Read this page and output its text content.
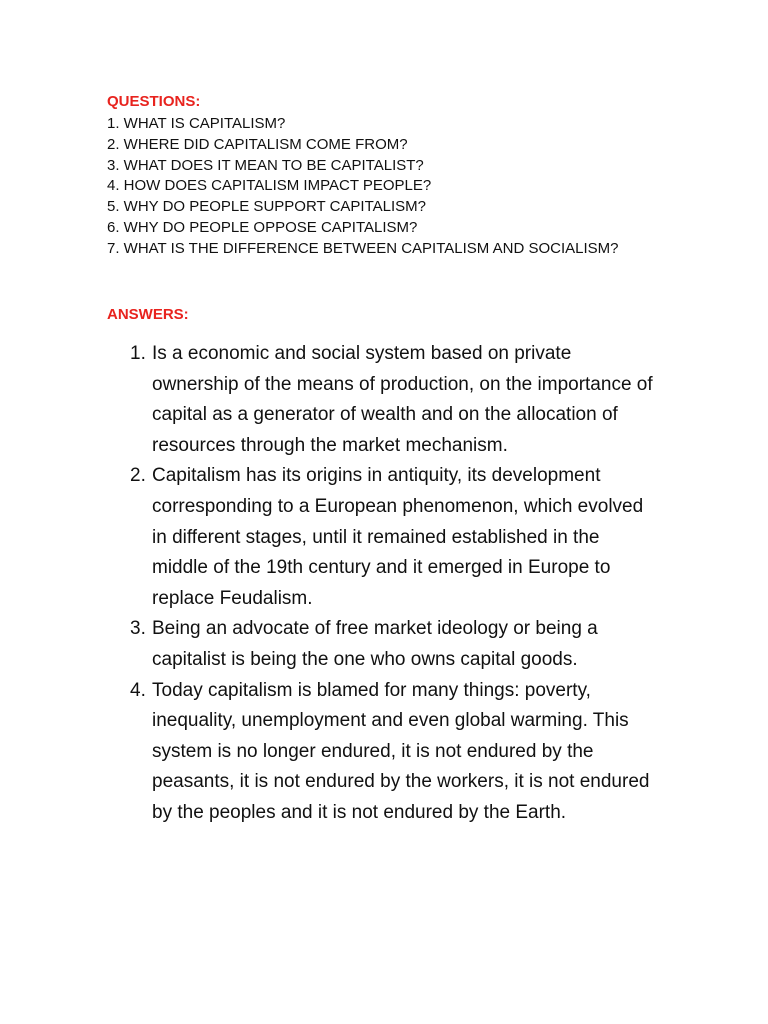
QUESTIONS:
1. WHAT IS CAPITALISM?
2. WHERE DID CAPITALISM COME FROM?
3. WHAT DOES IT MEAN TO BE CAPITALIST?
4. HOW DOES CAPITALISM IMPACT PEOPLE?
5. WHY DO PEOPLE SUPPORT CAPITALISM?
6. WHY DO PEOPLE OPPOSE CAPITALISM?
7. WHAT IS THE DIFFERENCE BETWEEN CAPITALISM AND SOCIALISM?
ANSWERS:
1. Is a economic and social system based on private ownership of the means of production, on the importance of capital as a generator of wealth and on the allocation of resources through the market mechanism.
2. Capitalism has its origins in antiquity, its development corresponding to a European phenomenon, which evolved in different stages, until it remained established in the middle of the 19th century and it emerged in Europe to replace Feudalism.
3. Being an advocate of free market ideology or being a capitalist is being the one who owns capital goods.
4. Today capitalism is blamed for many things: poverty, inequality, unemployment and even global warming. This system is no longer endured, it is not endured by the peasants, it is not endured by the workers, it is not endured by the peoples and it is not endured by the Earth.
